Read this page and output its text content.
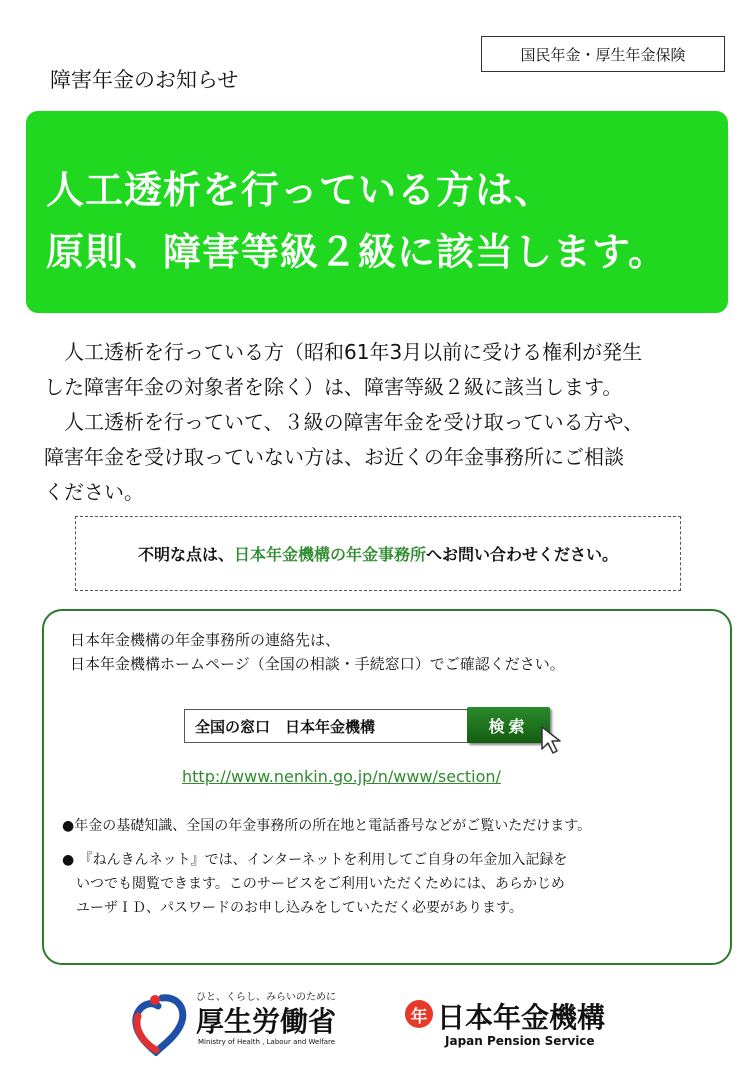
国民年金・厚生年金保険
障害年金のお知らせ
人工透析を行っている方は、
原則、障害等級２級に該当します。

　人工透析を行っている方（昭和61年3月以前に受ける権利が発生

した障害年金の対象者を除く）は、障害等級２級に該当します。

　人工透析を行っていて、３級の障害年金を受け取っている方や、

障害年金を受け取っていない方は、お近くの年金事務所にご相談

ください。

不明な点は、 日本年金機構の年金事務所 へお問い合わせください。
日本年金機構の年金事務所の連絡先は、
日本年金機構ホームページ（全国の相談・手続窓口）でご確認ください。
全国の窓口　日本年金機構	検索
http://www.nenkin.go.jp/n/www/section/
●年金の基礎知識、全国の年金事務所の所在地と電話番号などがご覧いただけます。
● 『ねんきんネット』では、インターネットを利用してご自身の年金加入記録を
いつでも閲覧できます。このサービスをご利用いただくためには、あらかじめ
ユーザＩＤ、パスワードのお申し込みをしていただく必要があります。
ひと、くらし、みらいのために
厚生労働省
Ministry of Health , Labour and Welfare
年 日本年金機構
Japan Pension Service
